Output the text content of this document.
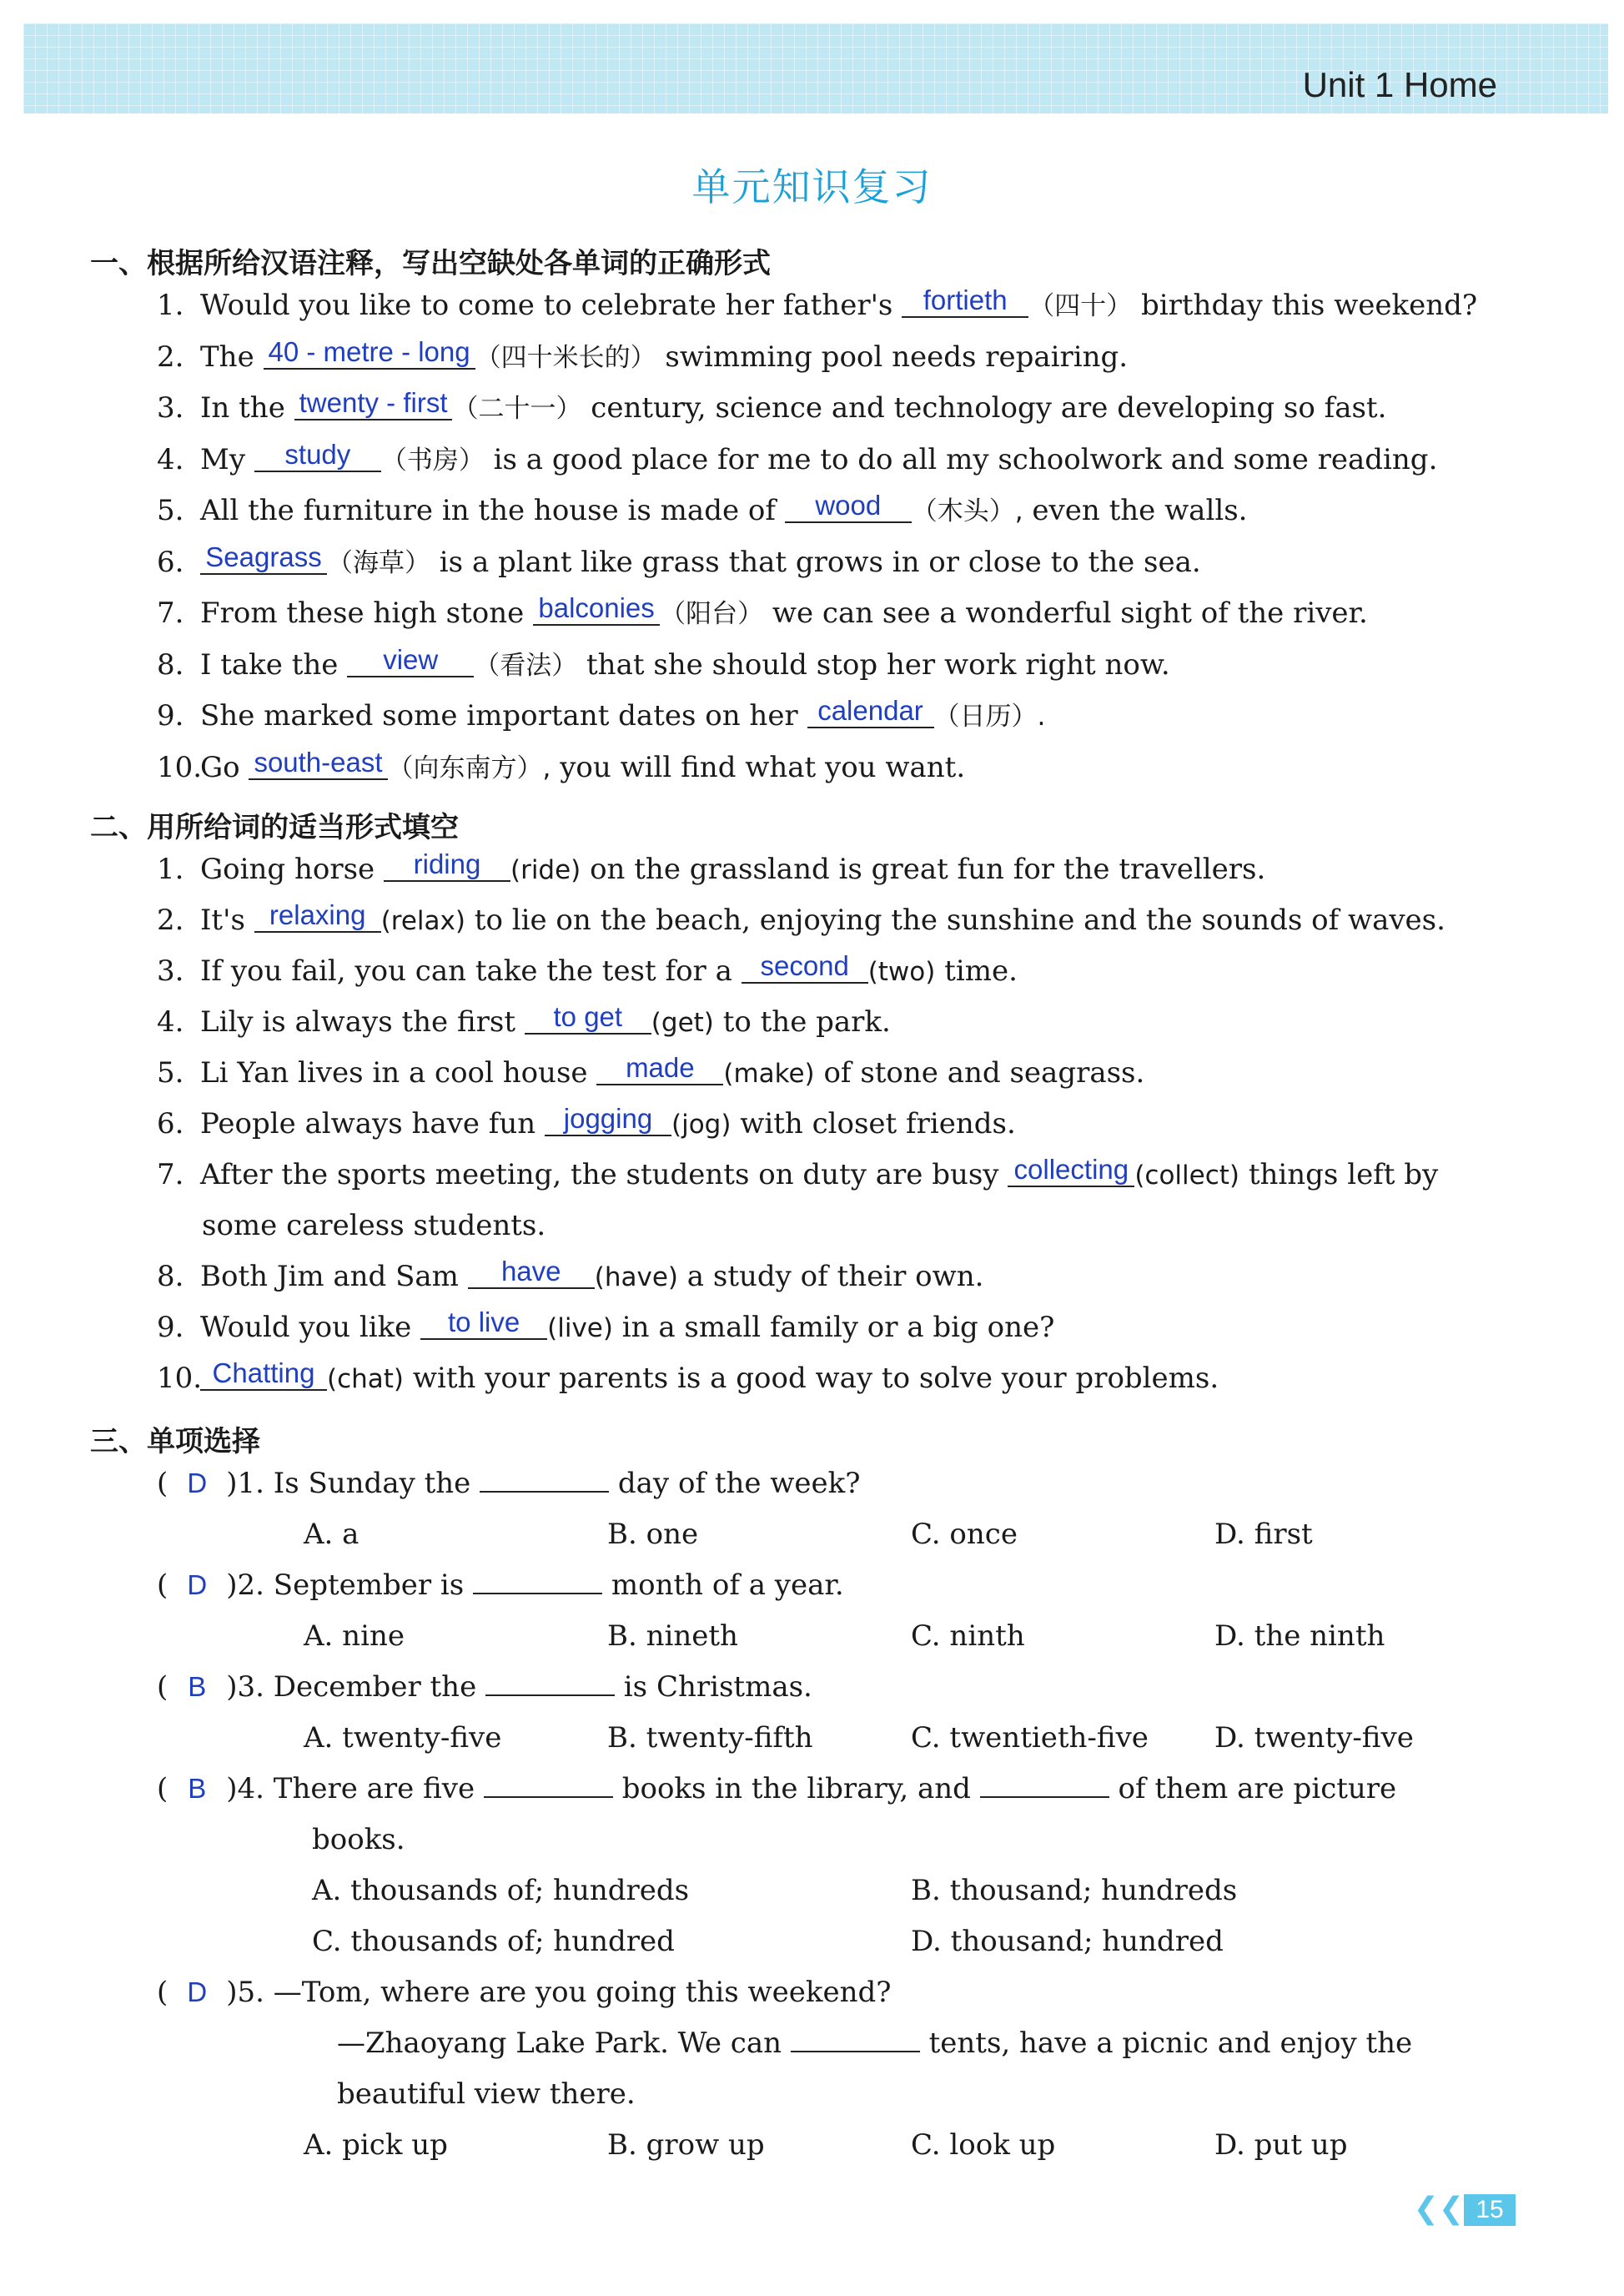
Unit 1 Home
单元知识复习
一、根据所给汉语注释，写出空缺处各单词的正确形式
1. Would you like to come to celebrate her father's fortieth （四十） birthday this weekend?
2. The 40 - metre - long （四十米长的） swimming pool needs repairing.
3. In the twenty - first （二十一） century, science and technology are developing so fast.
4. My study （书房） is a good place for me to do all my schoolwork and some reading.
5. All the furniture in the house is made of wood （木头）, even the walls.
6. Seagrass （海草） is a plant like grass that grows in or close to the sea.
7. From these high stone balconies （阳台） we can see a wonderful sight of the river.
8. I take the view （看法） that she should stop her work right now.
9. She marked some important dates on her calendar （日历）.
10.Go south-east （向东南方）, you will find what you want.
二、用所给词的适当形式填空
1. Going horse riding (ride) on the grassland is great fun for the travellers.
2. It's relaxing (relax) to lie on the beach, enjoying the sunshine and the sounds of waves.
3. If you fail, you can take the test for a second (two) time.
4. Lily is always the first to get (get) to the park.
5. Li Yan lives in a cool house made (make) of stone and seagrass.
6. People always have fun jogging (jog) with closet friends.
7. After the sports meeting, the students on duty are busy collecting (collect) things left by
some careless students.
8. Both Jim and Sam have (have) a study of their own.
9. Would you like to live (live) in a small family or a big one?
10. Chatting (chat) with your parents is a good way to solve your problems.
三、单项选择
( D )1. Is Sunday the	day of the week?
A. a	B. one	C. once	D. first
( D )2. September is	month of a year.
A. nine	B. nineth	C. ninth	D. the ninth
( B )3. December the	is Christmas.
A. twenty-five	B. twenty-fifth	C. twentieth-five D. twenty-five
( B )4. There are five	books in the library, and	of them are picture
books.
A. thousands of; hundreds	B. thousand; hundreds
C. thousands of; hundred	D. thousand; hundred
( D )5. —Tom, where are you going this weekend?
—Zhaoyang Lake Park. We can	tents, have a picnic and enjoy the
beautiful view there.
A. pick up	B. grow up	C. look up	D. put up
❮❮ 15
